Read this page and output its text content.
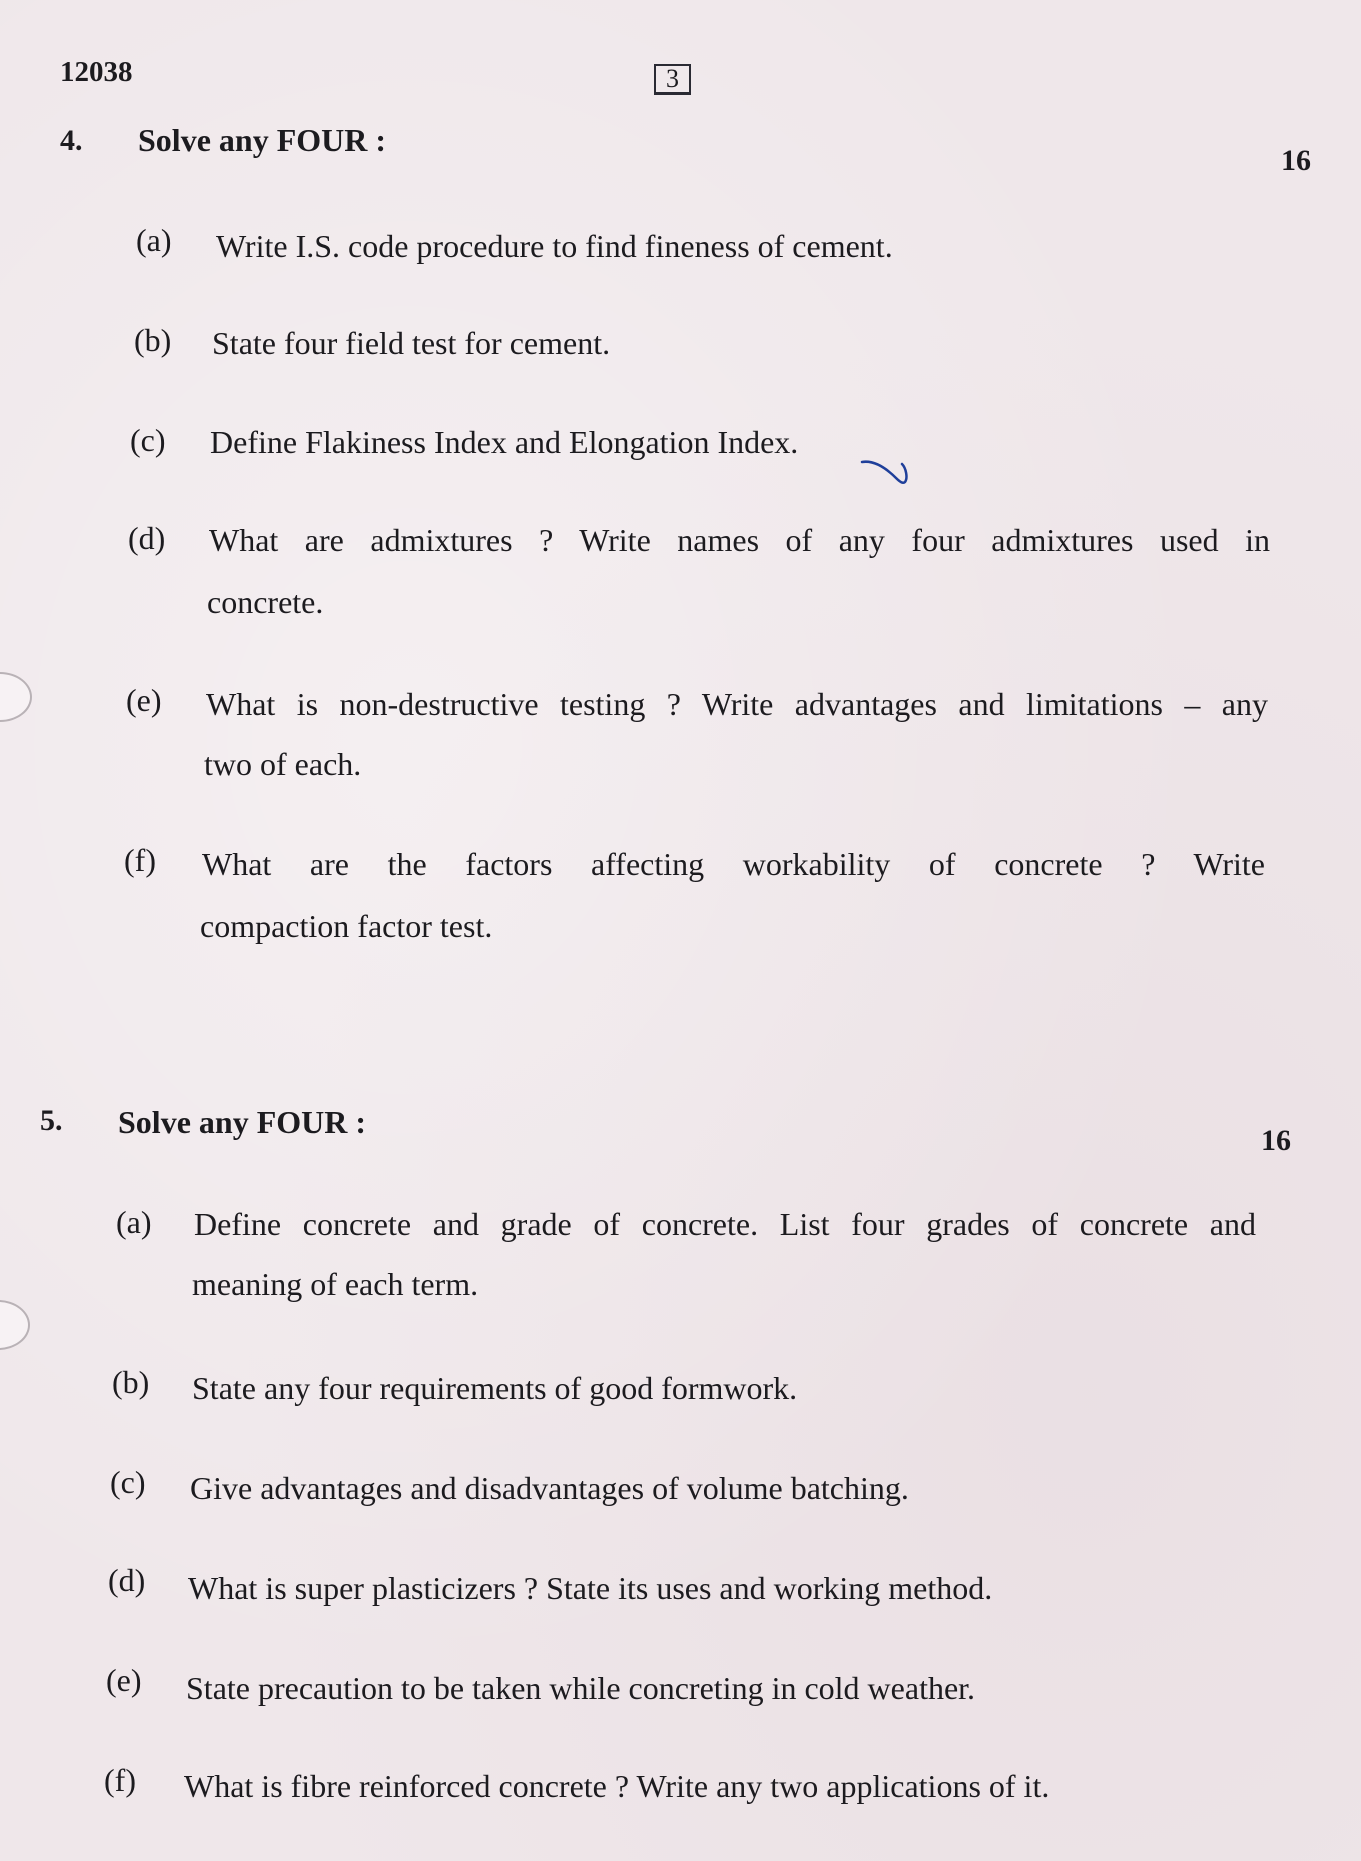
12038	3
4. Solve any FOUR :
16
(a) Write I.S. code procedure to find fineness of cement.
(b) State four field test for cement.
(c) Define Flakiness Index and Elongation Index.
(d) What are admixtures ? Write names of any four admixtures used in
concrete.
(e) What is non-destructive testing ? Write advantages and limitations – any
two of each.
(f) What are the factors affecting workability of concrete ? Write
compaction factor test.
5. Solve any FOUR :
16
(a) Define concrete and grade of concrete. List four grades of concrete and
meaning of each term.
(b) State any four requirements of good formwork.
(c) Give advantages and disadvantages of volume batching.
(d) What is super plasticizers ? State its uses and working method.
(e) State precaution to be taken while concreting in cold weather.
(f) What is fibre reinforced concrete ? Write any two applications of it.
